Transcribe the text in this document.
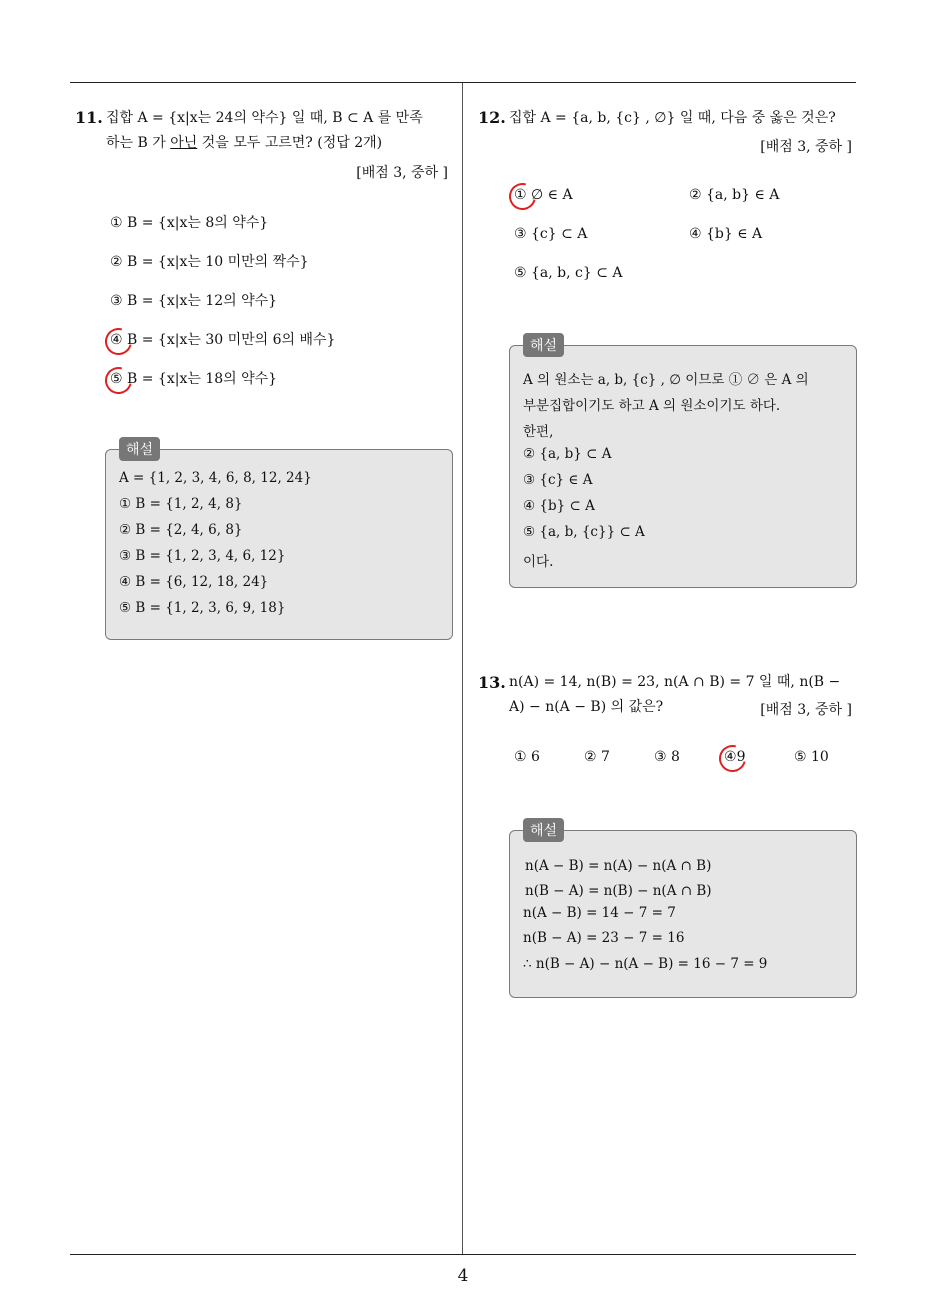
4
11. 집합 A = {x|x는 24의 약수} 일 때, B ⊂ A 를 만족
하는 B 가 아닌 것을 모두 고르면? (정답 2개)
[배점 3, 중하 ]
① B = {x|x는 8의 약수}
② B = {x|x는 10 미만의 짝수}
③ B = {x|x는 12의 약수}
④ B = {x|x는 30 미만의 6의 배수}
⑤ B = {x|x는 18의 약수}
해설
A = {1, 2, 3, 4, 6, 8, 12, 24}
① B = {1, 2, 4, 8}
② B = {2, 4, 6, 8}
③ B = {1, 2, 3, 4, 6, 12}
④ B = {6, 12, 18, 24}
⑤ B = {1, 2, 3, 6, 9, 18}
12. 집합 A = {a, b, {c} , ∅} 일 때, 다음 중 옳은 것은?
[배점 3, 중하 ]
① ∅ ∈ A	② {a, b} ∈ A
③ {c} ⊂ A	④ {b} ∈ A
⑤ {a, b, c} ⊂ A
해설
A 의 원소는 a, b, {c} , ∅ 이므로 ① ∅ 은 A 의
부분집합이기도 하고 A 의 원소이기도 하다.
한편,
② {a, b} ⊂ A
③ {c} ∈ A
④ {b} ⊂ A
⑤ {a, b, {c}} ⊂ A
이다.
13. n(A) = 14, n(B) = 23, n(A ∩ B) = 7 일 때, n(B −
A) − n(A − B) 의 값은?	[배점 3, 중하 ]
① 6	② 7	③ 8	④9	⑤ 10
해설
n(A − B) = n(A) − n(A ∩ B)
n(B − A) = n(B) − n(A ∩ B)
n(A − B) = 14 − 7 = 7
n(B − A) = 23 − 7 = 16
∴ n(B − A) − n(A − B) = 16 − 7 = 9
